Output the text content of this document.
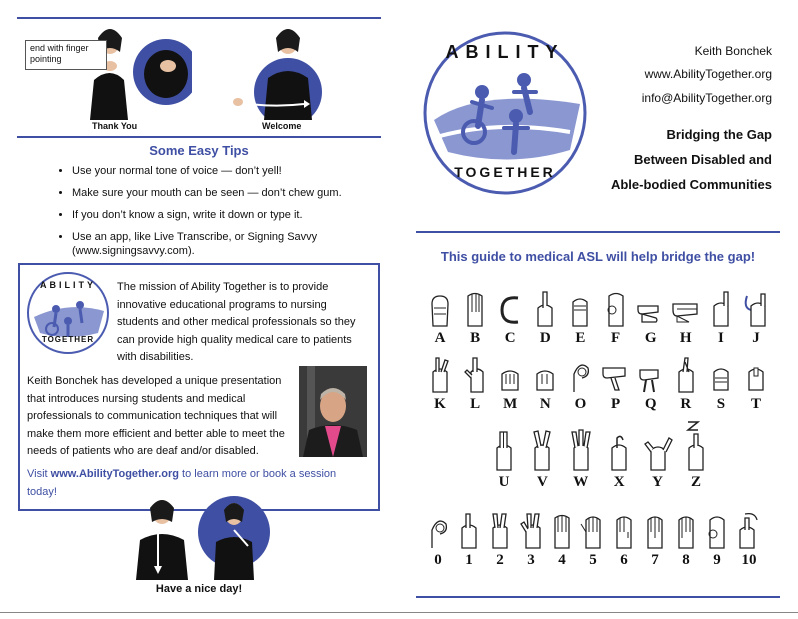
end with finger pointing
Thank You	Welcome
Some Easy Tips
• Use your normal tone of voice — don’t yell!
• Make sure your mouth can be seen — don’t chew gum.
• If you don’t know a sign, write it down or type it.
• Use an app, like Live Transcribe, or Signing Savvy (www.signingsavvy.com).
ABILITY
TOGETHER
The mission of Ability Together is to provide innovative educational programs to nursing students and other medical professionals so they can provide high quality medical care to patients with disabilities.
Keith Bonchek has developed a unique presentation that introduces nursing students and medical professionals to communication techniques that will make them more efficient and better able to meet the needs of patients who are deaf and/or disabled.
Visit www.AbilityTogether.org to learn more or book a session today!
Have a nice day!
ABILITY
TOGETHER
Keith Bonchek
www.AbilityTogether.org
info@AbilityTogether.org
Bridging the Gap
Between Disabled and
Able-bodied Communities
This guide to medical ASL will help bridge the gap!
A	B	C	D	E	F	G	H	I	J
K	L	M	N	O	P	Q	R	S	T
U	V	W	X	Y	Z
0	1	2	3	4	5	6	7	8	9	10
